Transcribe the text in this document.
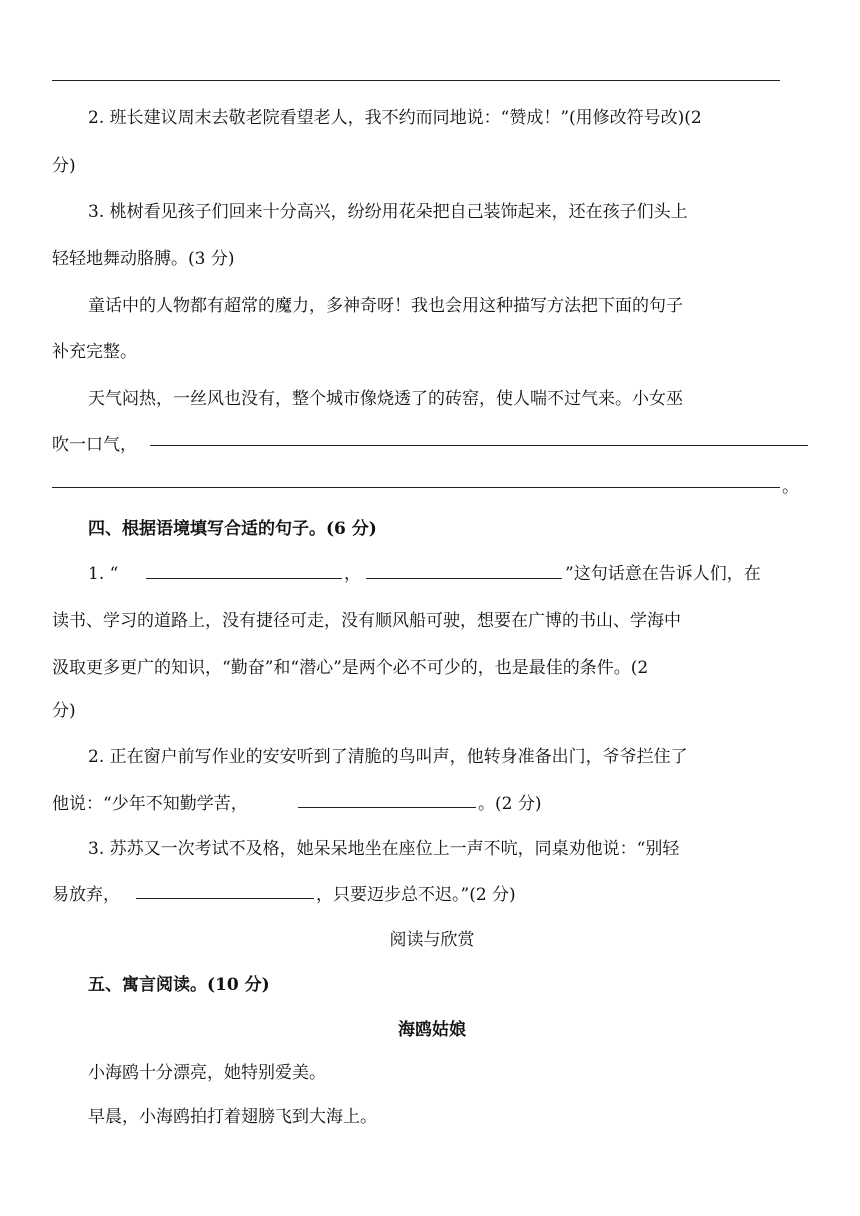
2. 班长建议周末去敬老院看望老人，我不约而同地说：“赞成！”(用修改符号改)(2
分)
3. 桃树看见孩子们回来十分高兴，纷纷用花朵把自己装饰起来，还在孩子们头上
轻轻地舞动胳膊。(3 分)
童话中的人物都有超常的魔力，多神奇呀！我也会用这种描写方法把下面的句子
补充完整。
天气闷热，一丝风也没有，整个城市像烧透了的砖窑，使人喘不过气来。小女巫
吹一口气，
。
四、根据语境填写合适的句子。(6 分)
1. “	，	”这句话意在告诉人们，在
读书、学习的道路上，没有捷径可走，没有顺风船可驶，想要在广博的书山、学海中
汲取更多更广的知识，“勤奋”和“潜心”是两个必不可少的，也是最佳的条件。(2
分)
2. 正在窗户前写作业的安安听到了清脆的鸟叫声，他转身准备出门，爷爷拦住了
他说：“少年不知勤学苦，	。(2 分)
3. 苏苏又一次考试不及格，她呆呆地坐在座位上一声不吭，同桌劝他说：“别轻
易放弃，	，只要迈步总不迟。”(2 分)
阅读与欣赏
五、寓言阅读。(10 分)
海鸥姑娘
小海鸥十分漂亮，她特别爱美。
早晨，小海鸥拍打着翅膀飞到大海上。
